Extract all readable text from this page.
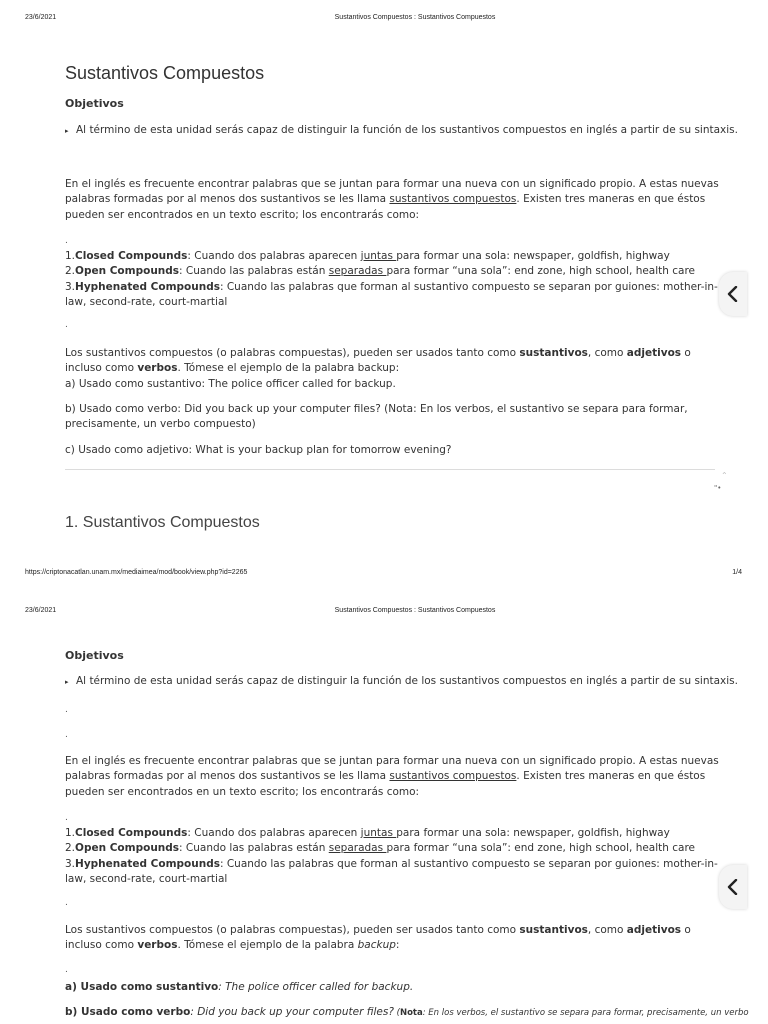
23/6/2021	Sustantivos Compuestos : Sustantivos Compuestos
Sustantivos Compuestos
Objetivos
▸ Al término de esta unidad serás capaz de distinguir la función de los sustantivos compuestos en inglés a partir de su sintaxis.
En el inglés es frecuente encontrar palabras que se juntan para formar una nueva con un significado propio. A estas nuevas palabras formadas por al menos dos sustantivos se les llama sustantivos compuestos. Existen tres maneras en que éstos pueden ser encontrados en un texto escrito; los encontrarás como:
.
1.Closed Compounds: Cuando dos palabras aparecen juntas para formar una sola: newspaper, goldfish, highway
2.Open Compounds: Cuando las palabras están separadas para formar “una sola”: end zone, high school, health care
3.Hyphenated Compounds: Cuando las palabras que forman al sustantivo compuesto se separan por guiones: mother-in-law, second-rate, court-martial
.
Los sustantivos compuestos (o palabras compuestas), pueden ser usados tanto como sustantivos, como adjetivos o incluso como verbos. Tómese el ejemplo de la palabra backup:
a) Usado como sustantivo: The police officer called for backup.
b) Usado como verbo: Did you back up your computer files? (Nota: En los verbos, el sustantivo se separa para formar, precisamente, un verbo compuesto)
c) Usado como adjetivo: What is your backup plan for tomorrow evening?
⌃
"•
1. Sustantivos Compuestos
https://criptonacatlan.unam.mx/mediaimea/mod/book/view.php?id=2265	1/4
23/6/2021	Sustantivos Compuestos : Sustantivos Compuestos
Objetivos
▸ Al término de esta unidad serás capaz de distinguir la función de los sustantivos compuestos en inglés a partir de su sintaxis.
.
.
En el inglés es frecuente encontrar palabras que se juntan para formar una nueva con un significado propio. A estas nuevas palabras formadas por al menos dos sustantivos se les llama sustantivos compuestos. Existen tres maneras en que éstos pueden ser encontrados en un texto escrito; los encontrarás como:
.
1.Closed Compounds: Cuando dos palabras aparecen juntas para formar una sola: newspaper, goldfish, highway
2.Open Compounds: Cuando las palabras están separadas para formar “una sola”: end zone, high school, health care
3.Hyphenated Compounds: Cuando las palabras que forman al sustantivo compuesto se separan por guiones: mother-in-law, second-rate, court-martial
.
Los sustantivos compuestos (o palabras compuestas), pueden ser usados tanto como sustantivos, como adjetivos o incluso como verbos. Tómese el ejemplo de la palabra backup:
.
a) Usado como sustantivo: The police officer called for backup.
b) Usado como verbo: Did you back up your computer files? (Nota: En los verbos, el sustantivo se separa para formar, precisamente, un verbo
